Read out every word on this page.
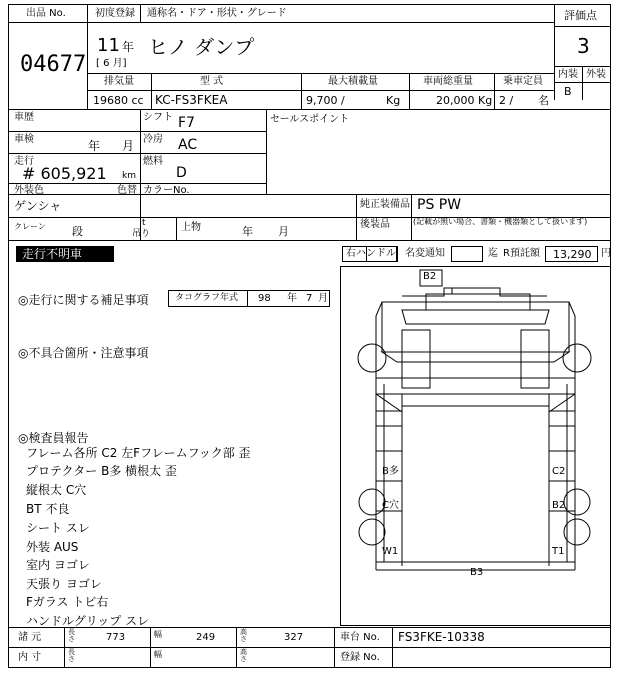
出品 No.
04677
初度登録 通称名・ドア・形状・グレード
11 年
[ 6 月]
ヒノ ダンプ
評価点
3
内装 外装
B
排気量	型 式	最大積載量	車両総重量	乗車定員
19680 cc KC-FS3FKEA	9,700 /	Kg	20,000 Kg 2 / 名
車歴	シフト F7
車検	年 月 冷房 AC
走行
# 605,921 km
燃料
D
外装色
ゲンシャ
色替 カラーNo.
セールスポイント
純正装備品 PS PW
後装品	(記載が無い場合、書類・機器類として扱います)
クレーン 段
t
吊り
上物	年 月
走行不明車	右ハンドル 名変通知	迄 R預託額 13,290 円
◎走行に関する補足事項	タコグラフ年式 98 年 7 月
◎不具合箇所・注意事項
◎検査員報告
フレーム各所 C2 左Fフレームフック部 歪
プロテクター B多 横根太 歪
縦根太 C穴
BT 不良
シート スレ
外装 AUS
室内 ヨゴレ
天張り ヨゴレ
Fガラス トビ右
ハンドルグリップ スレ
B2
B多	C2
C穴	B2
W1	T1
B3
諸 元	長さ	773	幅	249	高さ	327	車台 No. FS3FKE-10338
内 寸	長さ	幅	高さ	登録 No.
